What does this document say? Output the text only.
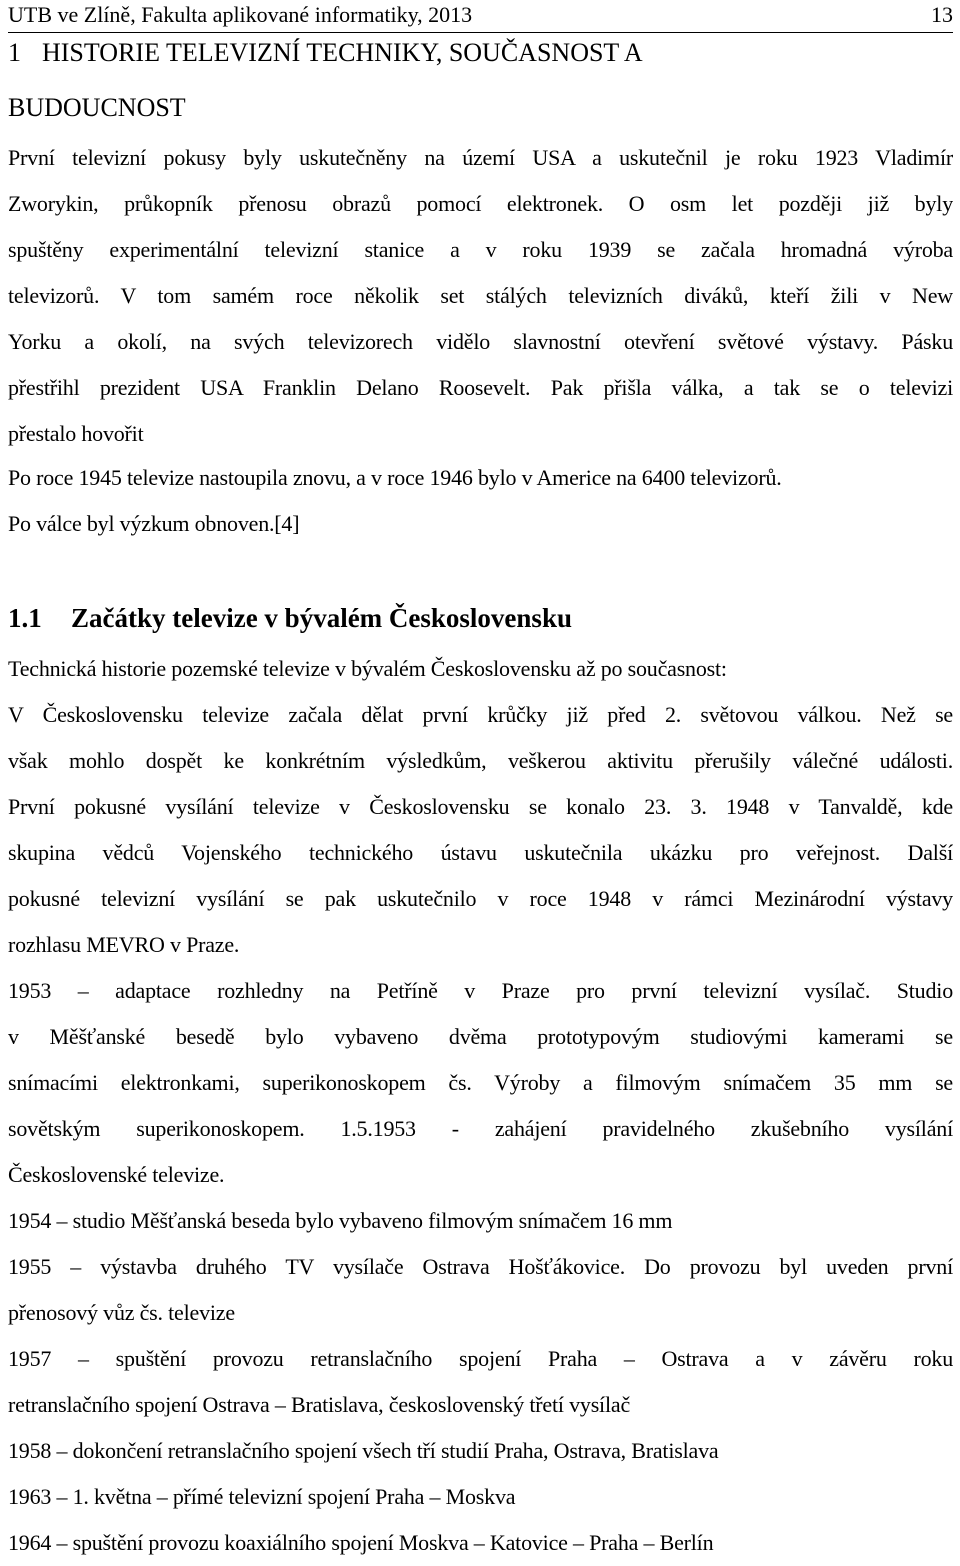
UTB ve Zlíně, Fakulta aplikované informatiky, 2013	13
1 HISTORIE TELEVIZNÍ TECHNIKY, SOUČASNOST A
BUDOUCNOST
První televizní pokusy byly uskutečněny na území USA a uskutečnil je roku 1923 Vladimír
Zworykin, průkopník přenosu obrazů pomocí elektronek. O osm let později již byly
spuštěny experimentální televizní stanice a v roku 1939 se začala hromadná výroba
televizorů. V tom samém roce několik set stálých televizních diváků, kteří žili v New
Yorku a okolí, na svých televizorech vidělo slavnostní otevření světové výstavy. Pásku
přestřihl prezident USA Franklin Delano Roosevelt. Pak přišla válka, a tak se o televizi
přestalo hovořit
Po roce 1945 televize nastoupila znovu, a v roce 1946 bylo v Americe na 6400 televizorů.
Po válce byl výzkum obnoven.[4]
1.1 Začátky televize v bývalém Československu
Technická historie pozemské televize v bývalém Československu až po současnost:
V Československu televize začala dělat první krůčky již před 2. světovou válkou. Než se
však mohlo dospět ke konkrétním výsledkům, veškerou aktivitu přerušily válečné události.
První pokusné vysílání televize v Československu se konalo 23. 3. 1948 v Tanvaldě, kde
skupina vědců Vojenského technického ústavu uskutečnila ukázku pro veřejnost. Další
pokusné televizní vysílání se pak uskutečnilo v roce 1948 v rámci Mezinárodní výstavy
rozhlasu MEVRO v Praze.
1953 – adaptace rozhledny na Petříně v Praze pro první televizní vysílač. Studio
v Měšťanské besedě bylo vybaveno dvěma prototypovým studiovými kamerami se
snímacími elektronkami, superikonoskopem čs. Výroby a filmovým snímačem 35 mm se
sovětským superikonoskopem. 1.5.1953 - zahájení pravidelného zkušebního vysílání
Československé televize.
1954 – studio Měšťanská beseda bylo vybaveno filmovým snímačem 16 mm
1955 – výstavba druhého TV vysílače Ostrava Hošťákovice. Do provozu byl uveden první
přenosový vůz čs. televize
1957 – spuštění provozu retranslačního spojení Praha – Ostrava a v závěru roku
retranslačního spojení Ostrava – Bratislava, československý třetí vysílač
1958 – dokončení retranslačního spojení všech tří studií Praha, Ostrava, Bratislava
1963 – 1. května – přímé televizní spojení Praha – Moskva
1964 – spuštění provozu koaxiálního spojení Moskva – Katovice – Praha – Berlín
